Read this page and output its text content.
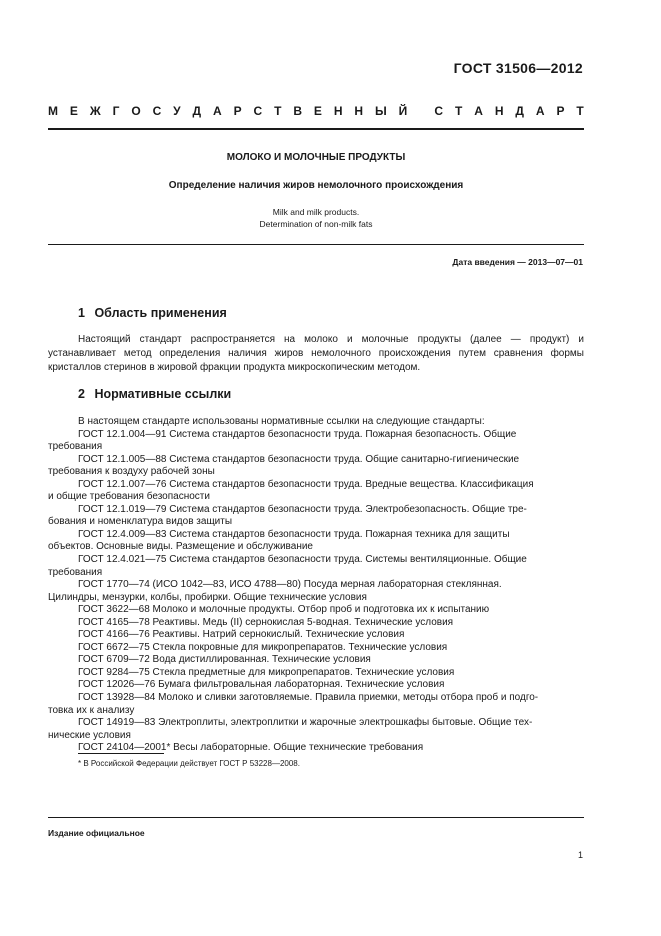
ГОСТ 31506—2012
М Е Ж Г О С У Д А Р С Т В Е Н Н Ы Й
С Т А Н Д А Р Т
МОЛОКО И МОЛОЧНЫЕ ПРОДУКТЫ
Определение наличия жиров немолочного происхождения
Milk and milk products.
Determination of non-milk fats
Дата введения — 2013—07—01
1 Область применения
Настоящий стандарт распространяется на молоко и молочные продукты (далее — продукт) и устанавливает метод определения наличия жиров немолочного происхождения путем сравнения формы кристаллов стеринов в жировой фракции продукта микроскопическим методом.
2 Нормативные ссылки
В настоящем стандарте использованы нормативные ссылки на следующие стандарты:
ГОСТ 12.1.004—91 Система стандартов безопасности труда. Пожарная безопасность. Общие
требования
ГОСТ 12.1.005—88 Система стандартов безопасности труда. Общие санитарно-гигиенические
требования к воздуху рабочей зоны
ГОСТ 12.1.007—76 Система стандартов безопасности труда. Вредные вещества. Классификация
и общие требования безопасности
ГОСТ 12.1.019—79 Система стандартов безопасности труда. Электробезопасность. Общие тре-
бования и номенклатура видов защиты
ГОСТ 12.4.009—83 Система стандартов безопасности труда. Пожарная техника для защиты
объектов. Основные виды. Размещение и обслуживание
ГОСТ 12.4.021—75 Система стандартов безопасности труда. Системы вентиляционные. Общие
требования
ГОСТ 1770—74 (ИСО 1042—83, ИСО 4788—80) Посуда мерная лабораторная стеклянная.
Цилиндры, мензурки, колбы, пробирки. Общие технические условия
ГОСТ 3622—68 Молоко и молочные продукты. Отбор проб и подготовка их к испытанию
ГОСТ 4165—78 Реактивы. Медь (II) сернокислая 5-водная. Технические условия
ГОСТ 4166—76 Реактивы. Натрий сернокислый. Технические условия
ГОСТ 6672—75 Стекла покровные для микропрепаратов. Технические условия
ГОСТ 6709—72 Вода дистиллированная. Технические условия
ГОСТ 9284—75 Стекла предметные для микропрепаратов. Технические условия
ГОСТ 12026—76 Бумага фильтровальная лабораторная. Технические условия
ГОСТ 13928—84 Молоко и сливки заготовляемые. Правила приемки, методы отбора проб и подго-
товка их к анализу
ГОСТ 14919—83 Электроплиты, электроплитки и жарочные электрошкафы бытовые. Общие тех-
нические условия
ГОСТ 24104—2001* Весы лабораторные. Общие технические требования
* В Российской Федерации действует ГОСТ Р 53228—2008.
Издание официальное
1
